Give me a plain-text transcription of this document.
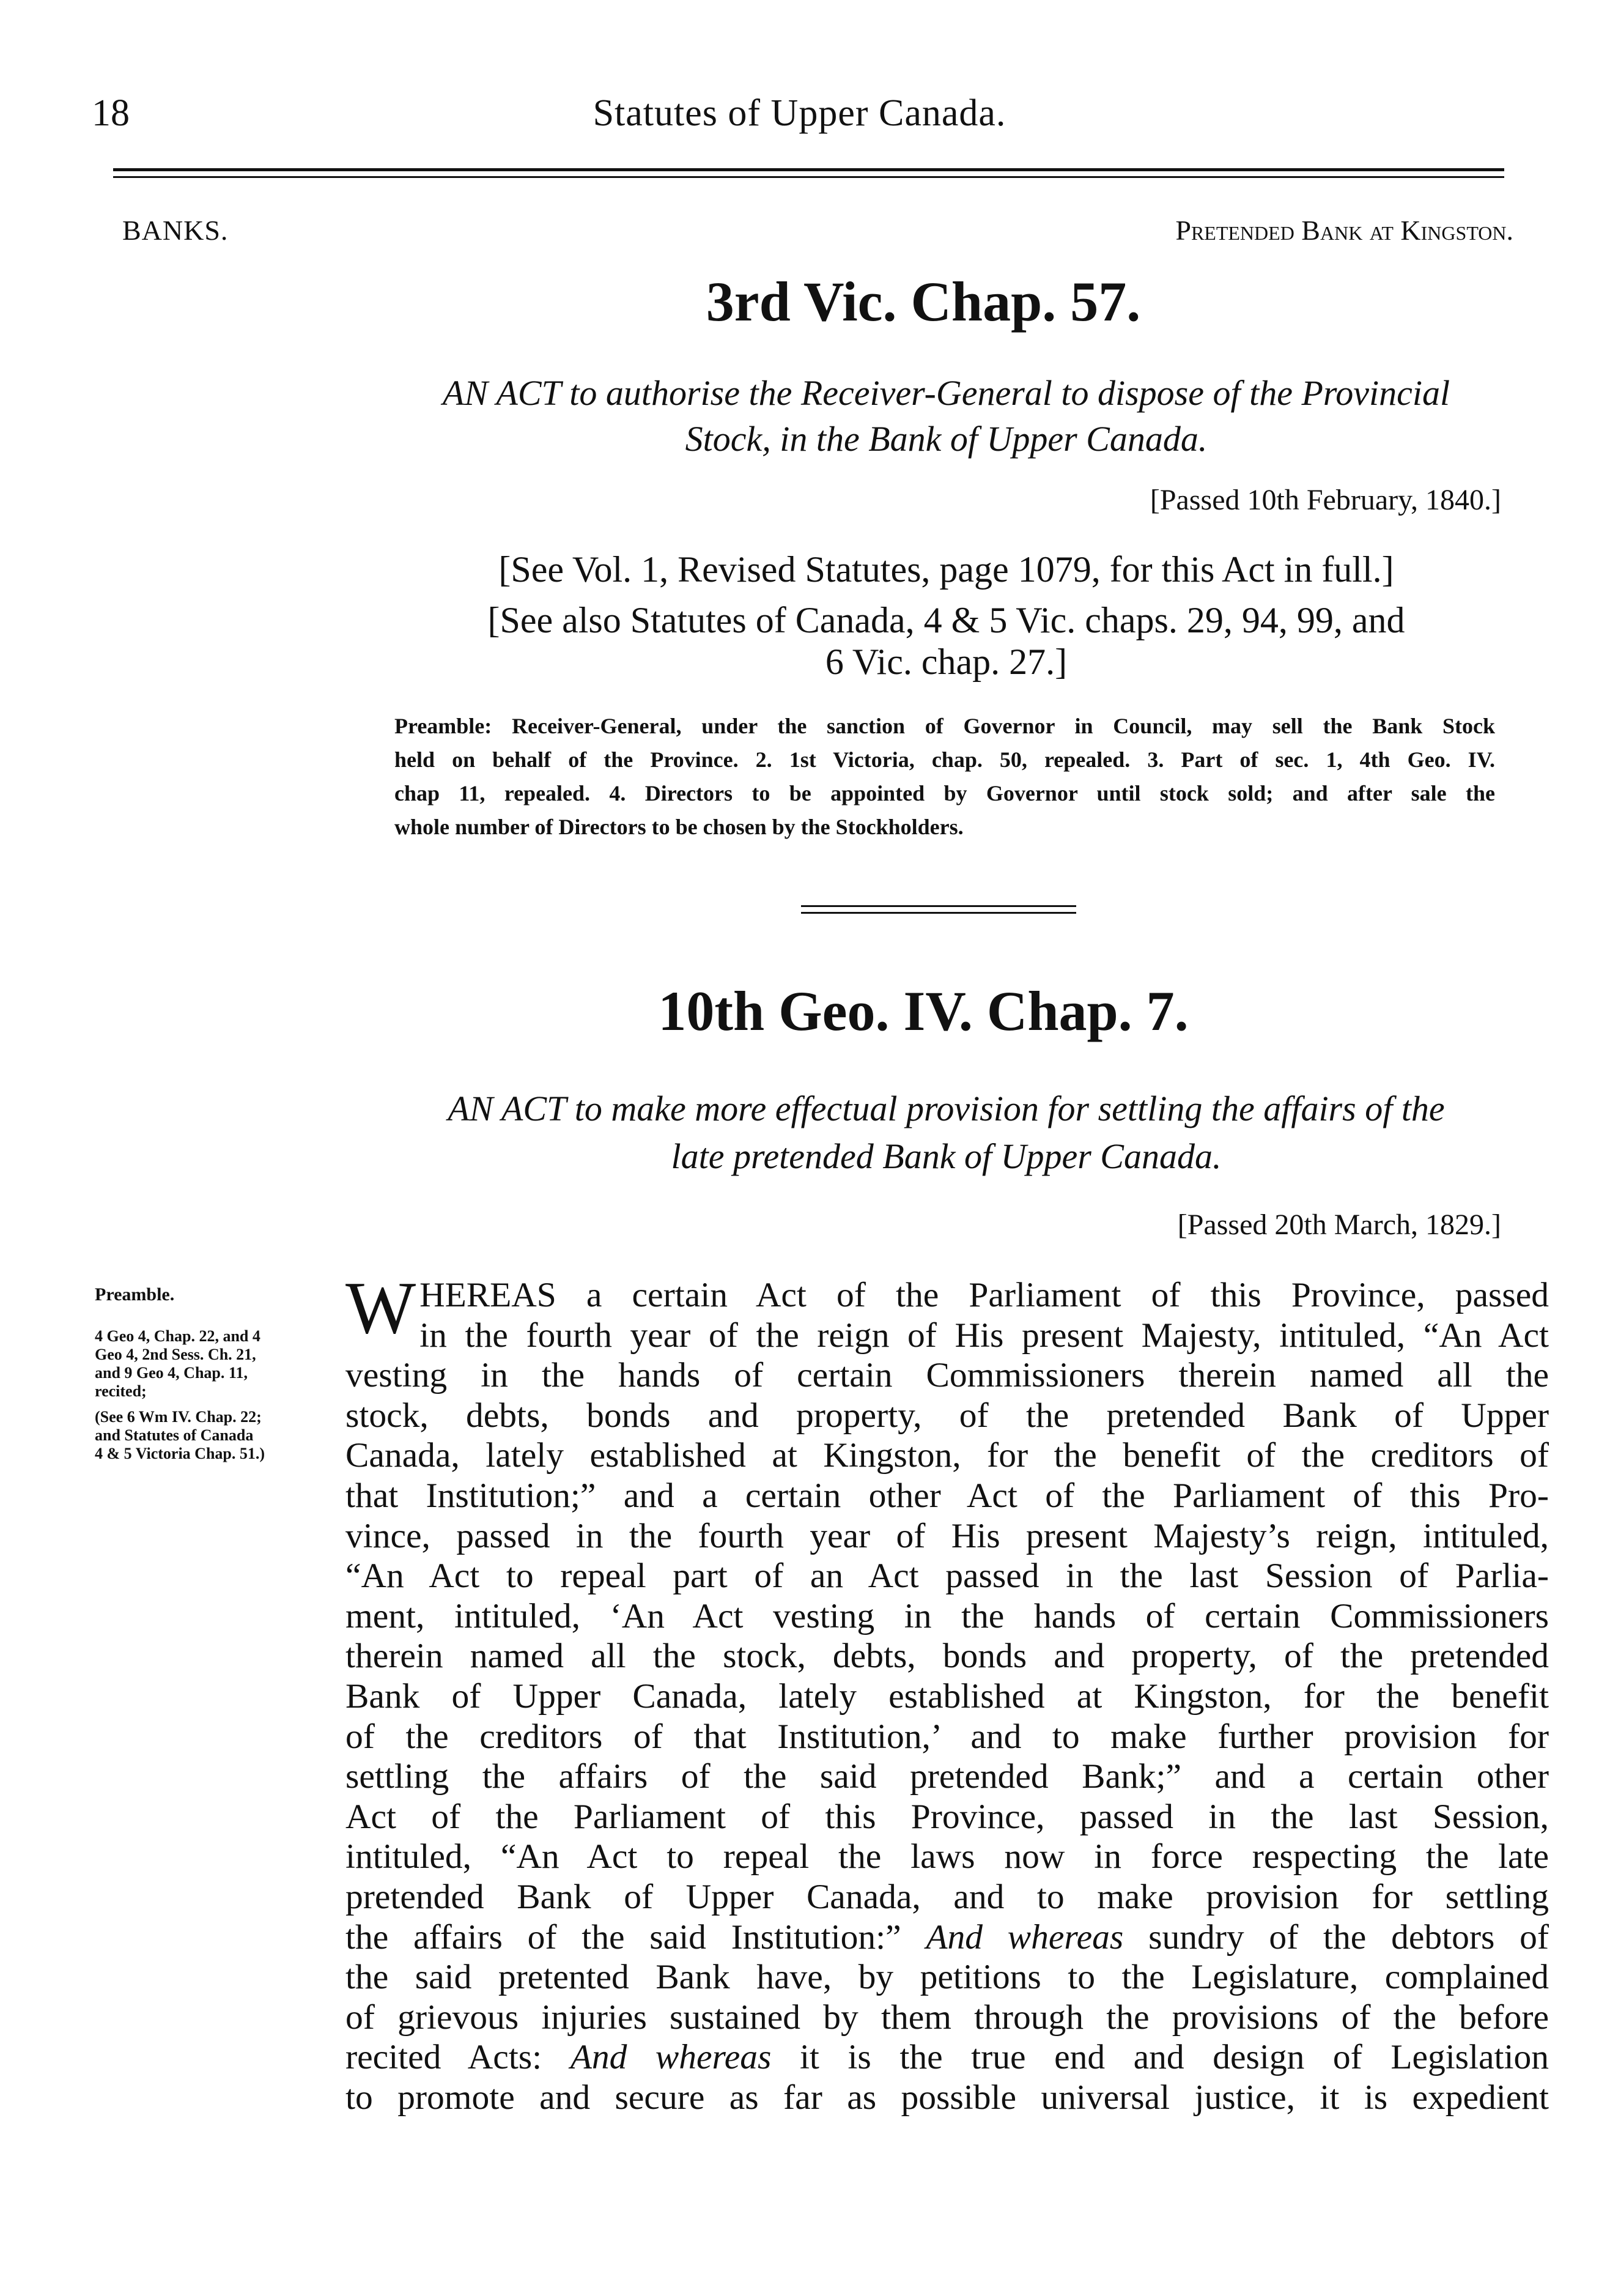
18	Statutes of Upper Canada.
BANKS.	Pretended Bank at Kingston.
3rd Vic. Chap. 57.
AN ACT to authorise the Receiver-General to dispose of the Provincial
Stock, in the Bank of Upper Canada.
[Passed 10th February, 1840.]
[See Vol. 1, Revised Statutes, page 1079, for this Act in full.]
[See also Statutes of Canada, 4 & 5 Vic. chaps. 29, 94, 99, and
6 Vic. chap. 27.]
Preamble: Receiver-General, under the sanction of Governor in Council, may sell the Bank Stock
held on behalf of the Province. 2. 1st Victoria, chap. 50, repealed. 3. Part of sec. 1, 4th Geo. IV.
chap 11, repealed. 4. Directors to be appointed by Governor until stock sold; and after sale the
whole number of Directors to be chosen by the Stockholders.
10th Geo. IV. Chap. 7.
AN ACT to make more effectual provision for settling the affairs of the
late pretended Bank of Upper Canada.
[Passed 20th March, 1829.]
Preamble.
4 Geo 4, Chap. 22, and 4
Geo 4, 2nd Sess. Ch. 21,
and 9 Geo 4, Chap. 11,
recited;
(See 6 Wm IV. Chap. 22;
and Statutes of Canada
4 & 5 Victoria Chap. 51.)
W HEREAS a certain Act of the Parliament of this Province, passed
in the fourth year of the reign of His present Majesty, intituled, “An Act
vesting in the hands of certain Commissioners therein named all the
stock, debts, bonds and property, of the pretended Bank of Upper
Canada, lately established at Kingston, for the benefit of the creditors of
that Institution;” and a certain other Act of the Parliament of this Pro-
vince, passed in the fourth year of His present Majesty’s reign, intituled,
“An Act to repeal part of an Act passed in the last Session of Parlia-
ment, intituled, ‘An Act vesting in the hands of certain Commissioners
therein named all the stock, debts, bonds and property, of the pretended
Bank of Upper Canada, lately established at Kingston, for the benefit
of the creditors of that Institution,’ and to make further provision for
settling the affairs of the said pretended Bank;” and a certain other
Act of the Parliament of this Province, passed in the last Session,
intituled, “An Act to repeal the laws now in force respecting the late
pretended Bank of Upper Canada, and to make provision for settling
the affairs of the said Institution:” And whereas sundry of the debtors of
the said pretented Bank have, by petitions to the Legislature, complained
of grievous injuries sustained by them through the provisions of the before
recited Acts: And whereas it is the true end and design of Legislation
to promote and secure as far as possible universal justice, it is expedient
